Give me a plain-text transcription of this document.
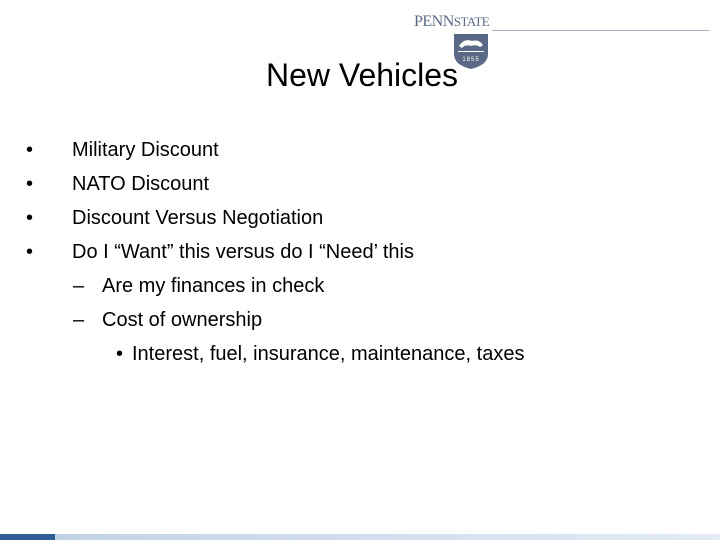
PENNSTATE
1855
New Vehicles
• Military Discount
• NATO Discount
• Discount Versus Negotiation
• Do I “Want” this versus do I “Need’ this
– Are my finances in check
– Cost of ownership
• Interest, fuel, insurance, maintenance, taxes
